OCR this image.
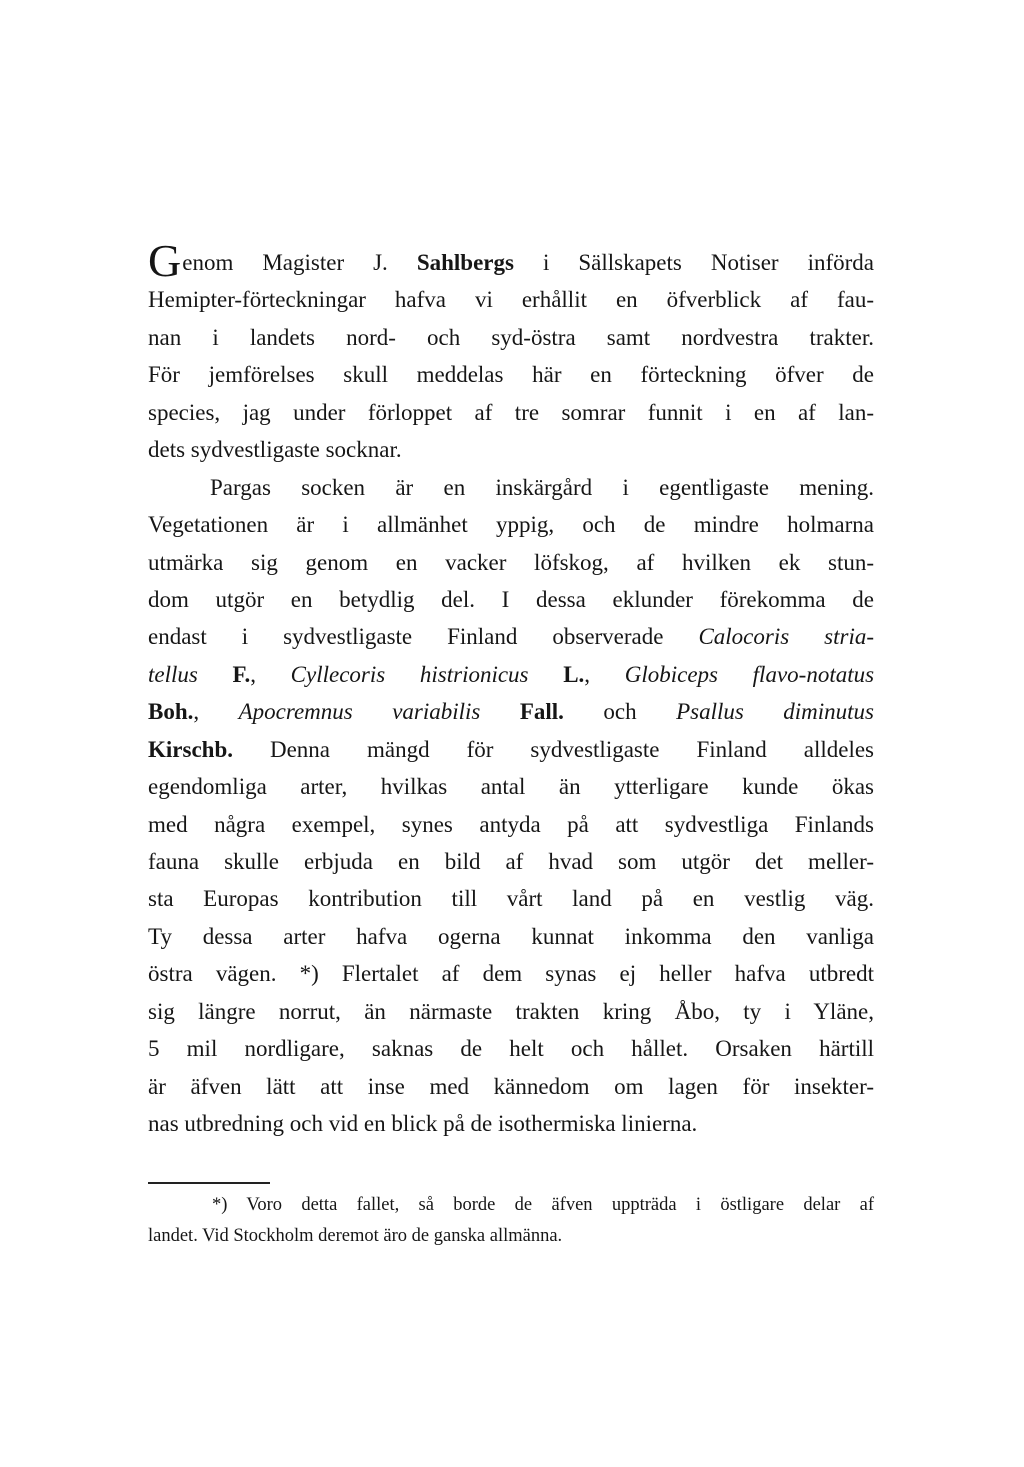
Genom Magister J. Sahlbergs i Sällskapets Notiser införda
Hemipter-förteckningar hafva vi erhållit en öfverblick af fau-
nan i landets nord- och syd-östra samt nordvestra trakter.
För jemförelses skull meddelas här en förteckning öfver de
species, jag under förloppet af tre somrar funnit i en af lan-
dets sydvestligaste socknar.
Pargas socken är en inskärgård i egentligaste mening.
Vegetationen är i allmänhet yppig, och de mindre holmarna
utmärka sig genom en vacker löfskog, af hvilken ek stun-
dom utgör en betydlig del. I dessa eklunder förekomma de
endast i sydvestligaste Finland observerade Calocoris stria-
tellus F., Cyllecoris histrionicus L., Globiceps flavo-notatus
Boh., Apocremnus variabilis Fall. och Psallus diminutus
Kirschb. Denna mängd för sydvestligaste Finland alldeles
egendomliga arter, hvilkas antal än ytterligare kunde ökas
med några exempel, synes antyda på att sydvestliga Finlands
fauna skulle erbjuda en bild af hvad som utgör det meller-
sta Europas kontribution till vårt land på en vestlig väg.
Ty dessa arter hafva ogerna kunnat inkomma den vanliga
östra vägen. *) Flertalet af dem synas ej heller hafva utbredt
sig längre norrut, än närmaste trakten kring Åbo, ty i Yläne,
5 mil nordligare, saknas de helt och hållet. Orsaken härtill
är äfven lätt att inse med kännedom om lagen för insekter-
nas utbredning och vid en blick på de isothermiska linierna.
*) Voro detta fallet, så borde de äfven uppträda i östligare delar af
landet. Vid Stockholm deremot äro de ganska allmänna.
